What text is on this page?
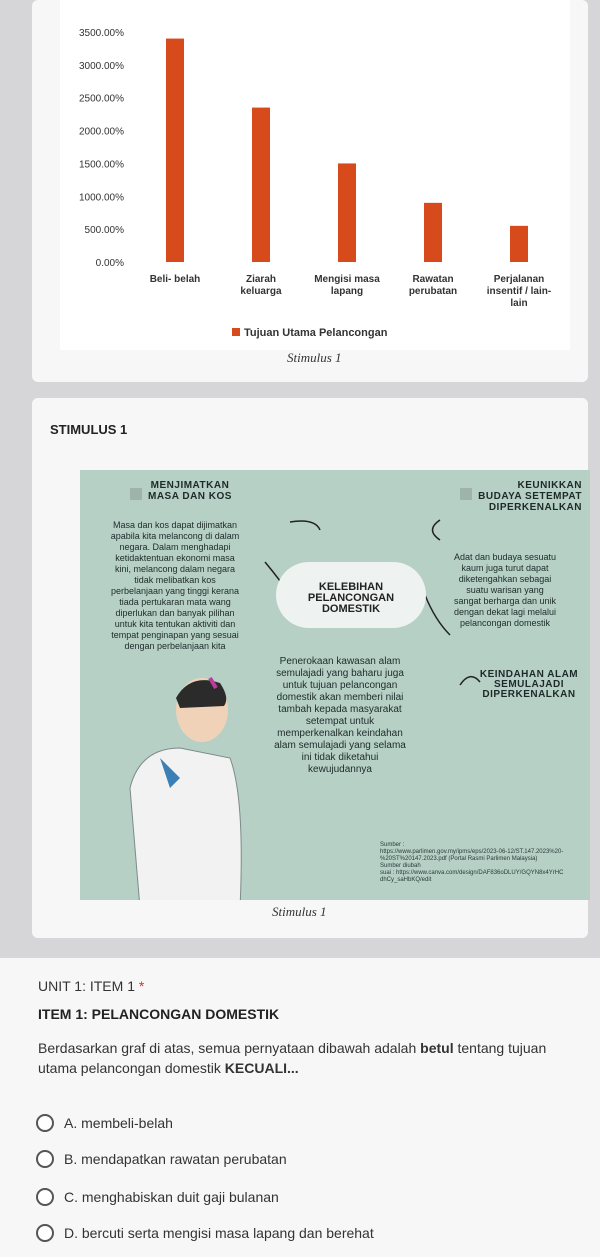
0.00%
500.00%
1000.00%
1500.00%
2000.00%
2500.00%
3000.00%
3500.00%
Beli- belah	Ziarah
keluarga
Mengisi masa
lapang
Rawatan
perubatan
Perjalanan
insentif / lain-
lain
Tujuan Utama Pelancongan
Stimulus 1
STIMULUS 1
MENJIMATKAN
MASA DAN KOS
Masa dan kos dapat dijimatkan
apabila kita melancong di dalam
negara. Dalam menghadapi
ketidaktentuan ekonomi masa
kini, melancong dalam negara
tidak melibatkan kos
perbelanjaan yang tinggi kerana
tiada pertukaran mata wang
diperlukan dan banyak pilihan
untuk kita tentukan aktiviti dan
tempat penginapan yang sesuai
dengan perbelanjaan kita
KEUNIKKAN
BUDAYA SETEMPAT
DIPERKENALKAN
Adat dan budaya sesuatu
kaum juga turut dapat
diketengahkan sebagai
suatu warisan yang
sangat berharga dan unik
dengan dekat lagi melalui
pelancongan domestik
KELEBIHAN
PELANCONGAN
DOMESTIK
KEINDAHAN ALAM
SEMULAJADI
DIPERKENALKAN
Penerokaan kawasan alam
semulajadi yang baharu juga
untuk tujuan pelancongan
domestik akan memberi nilai
tambah kepada masyarakat
setempat untuk
memperkenalkan keindahan
alam semulajadi yang selama
ini tidak diketahui
kewujudannya
Sumber :
https://www.parlimen.gov.my/ipms/eps/2023-06-12/ST.147.2023%20-
%20ST%20147.2023.pdf (Portal Rasmi Parlimen Malaysia)
Sumber diubah
suai : https://www.canva.com/design/DAF836oDLUY/GQYN8x4YrHC
dhCy_saHbKQ/edit
Stimulus 1
UNIT 1: ITEM 1 *
ITEM 1: PELANCONGAN DOMESTIK
Berdasarkan graf di atas, semua pernyataan dibawah adalah betul tentang tujuan utama pelancongan domestik KECUALI...
A. membeli-belah
B. mendapatkan rawatan perubatan
C. menghabiskan duit gaji bulanan
D. bercuti serta mengisi masa lapang dan berehat
